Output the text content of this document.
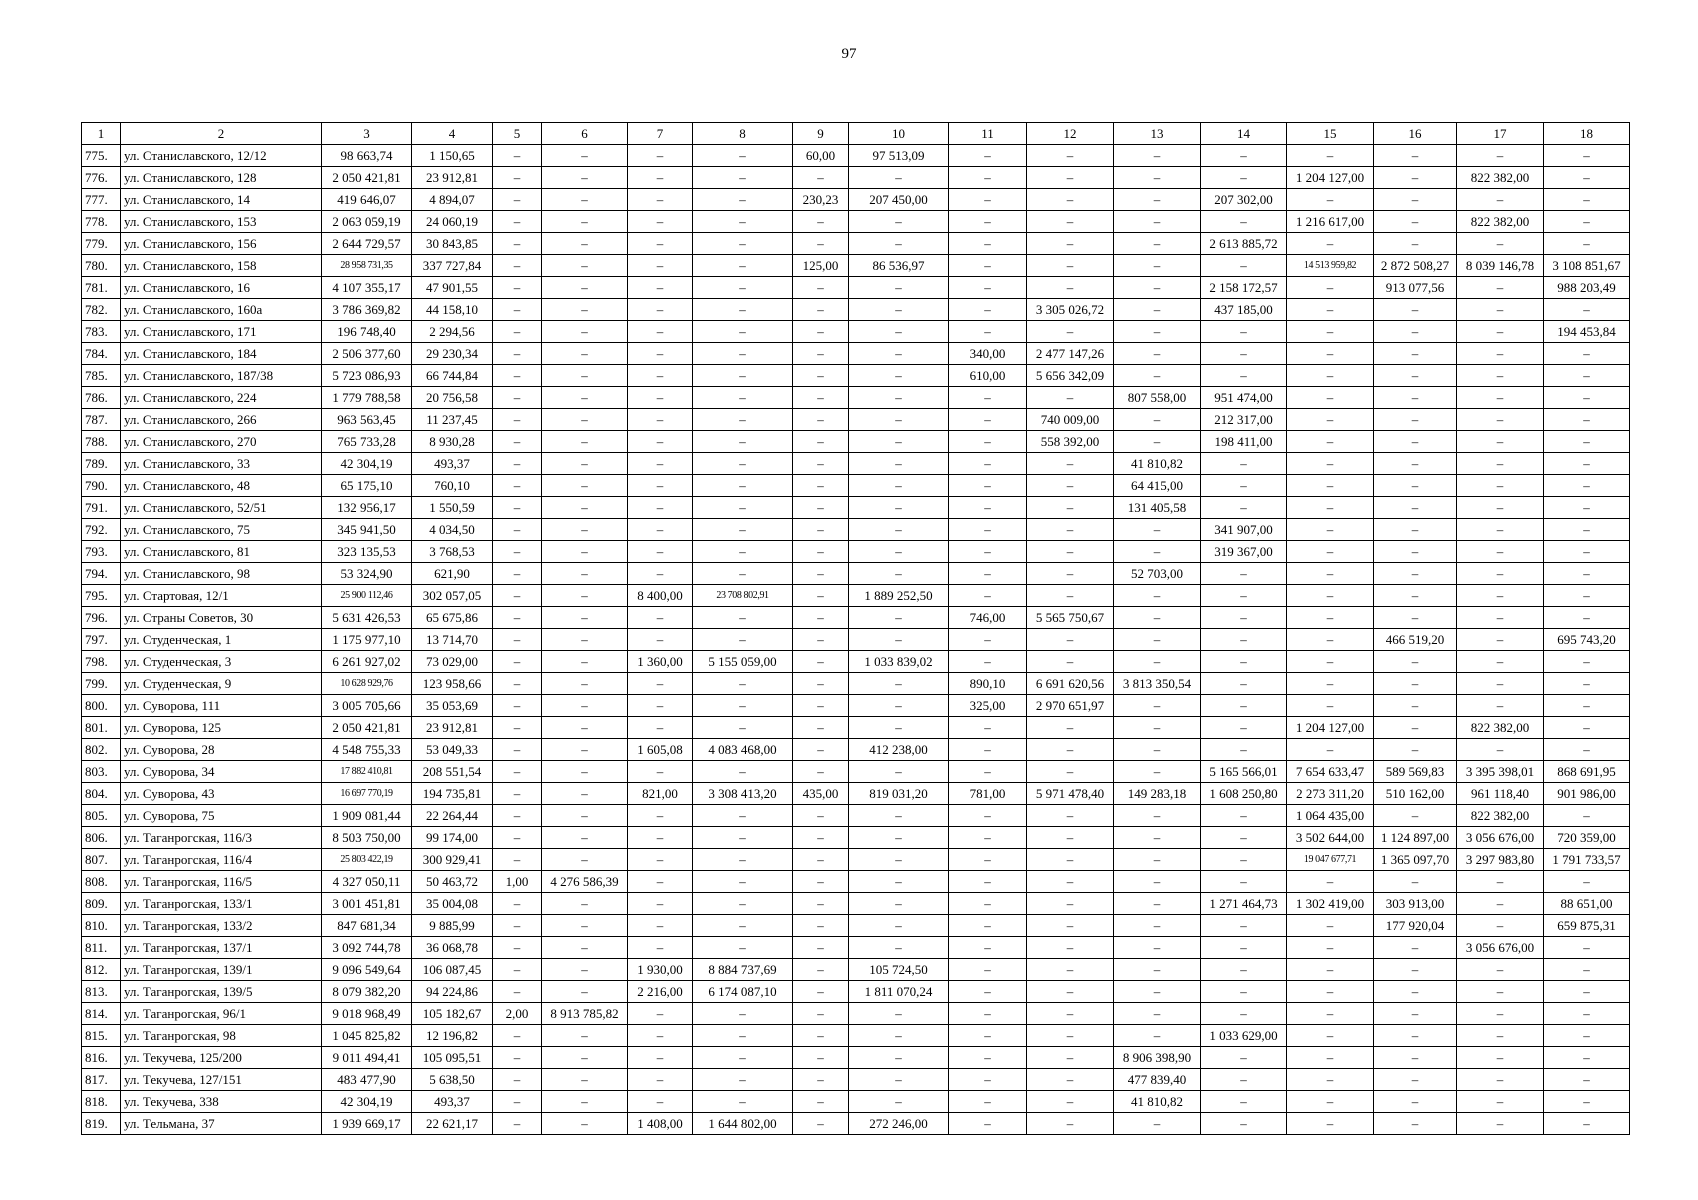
97
1	2	3	4	5	6	7	8	9	10	11	12	13	14	15	16	17	18
775.	ул. Станиславского, 12/12	98 663,74	1 150,65	–	–	–	–	60,00	97 513,09	–	–	–	–	–	–	–	–
776.	ул. Станиславского, 128	2 050 421,81	23 912,81	–	–	–	–	–	–	–	–	–	–	1 204 127,00	–	822 382,00	–
777.	ул. Станиславского, 14	419 646,07	4 894,07	–	–	–	–	230,23	207 450,00	–	–	–	207 302,00	–	–	–	–
778.	ул. Станиславского, 153	2 063 059,19	24 060,19	–	–	–	–	–	–	–	–	–	–	1 216 617,00	–	822 382,00	–
779.	ул. Станиславского, 156	2 644 729,57	30 843,85	–	–	–	–	–	–	–	–	–	2 613 885,72	–	–	–	–
780.	ул. Станиславского, 158	28 958 731,35	337 727,84	–	–	–	–	125,00	86 536,97	–	–	–	–	14 513 959,82	2 872 508,27	8 039 146,78	3 108 851,67
781.	ул. Станиславского, 16	4 107 355,17	47 901,55	–	–	–	–	–	–	–	–	–	2 158 172,57	–	913 077,56	–	988 203,49
782.	ул. Станиславского, 160а	3 786 369,82	44 158,10	–	–	–	–	–	–	–	3 305 026,72	–	437 185,00	–	–	–	–
783.	ул. Станиславского, 171	196 748,40	2 294,56	–	–	–	–	–	–	–	–	–	–	–	–	–	194 453,84
784.	ул. Станиславского, 184	2 506 377,60	29 230,34	–	–	–	–	–	–	340,00	2 477 147,26	–	–	–	–	–	–
785.	ул. Станиславского, 187/38	5 723 086,93	66 744,84	–	–	–	–	–	–	610,00	5 656 342,09	–	–	–	–	–	–
786.	ул. Станиславского, 224	1 779 788,58	20 756,58	–	–	–	–	–	–	–	–	807 558,00	951 474,00	–	–	–	–
787.	ул. Станиславского, 266	963 563,45	11 237,45	–	–	–	–	–	–	–	740 009,00	–	212 317,00	–	–	–	–
788.	ул. Станиславского, 270	765 733,28	8 930,28	–	–	–	–	–	–	–	558 392,00	–	198 411,00	–	–	–	–
789.	ул. Станиславского, 33	42 304,19	493,37	–	–	–	–	–	–	–	–	41 810,82	–	–	–	–	–
790.	ул. Станиславского, 48	65 175,10	760,10	–	–	–	–	–	–	–	–	64 415,00	–	–	–	–	–
791.	ул. Станиславского, 52/51	132 956,17	1 550,59	–	–	–	–	–	–	–	–	131 405,58	–	–	–	–	–
792.	ул. Станиславского, 75	345 941,50	4 034,50	–	–	–	–	–	–	–	–	–	341 907,00	–	–	–	–
793.	ул. Станиславского, 81	323 135,53	3 768,53	–	–	–	–	–	–	–	–	–	319 367,00	–	–	–	–
794.	ул. Станиславского, 98	53 324,90	621,90	–	–	–	–	–	–	–	–	52 703,00	–	–	–	–	–
795.	ул. Стартовая, 12/1	25 900 112,46	302 057,05	–	–	8 400,00	23 708 802,91	–	1 889 252,50	–	–	–	–	–	–	–	–
796.	ул. Страны Советов, 30	5 631 426,53	65 675,86	–	–	–	–	–	–	746,00	5 565 750,67	–	–	–	–	–	–
797.	ул. Студенческая, 1	1 175 977,10	13 714,70	–	–	–	–	–	–	–	–	–	–	–	466 519,20	–	695 743,20
798.	ул. Студенческая, 3	6 261 927,02	73 029,00	–	–	1 360,00	5 155 059,00	–	1 033 839,02	–	–	–	–	–	–	–	–
799.	ул. Студенческая, 9	10 628 929,76	123 958,66	–	–	–	–	–	–	890,10	6 691 620,56	3 813 350,54	–	–	–	–	–
800.	ул. Суворова, 111	3 005 705,66	35 053,69	–	–	–	–	–	–	325,00	2 970 651,97	–	–	–	–	–	–
801.	ул. Суворова, 125	2 050 421,81	23 912,81	–	–	–	–	–	–	–	–	–	–	1 204 127,00	–	822 382,00	–
802.	ул. Суворова, 28	4 548 755,33	53 049,33	–	–	1 605,08	4 083 468,00	–	412 238,00	–	–	–	–	–	–	–	–
803.	ул. Суворова, 34	17 882 410,81	208 551,54	–	–	–	–	–	–	–	–	–	5 165 566,01	7 654 633,47	589 569,83	3 395 398,01	868 691,95
804.	ул. Суворова, 43	16 697 770,19	194 735,81	–	–	821,00	3 308 413,20	435,00	819 031,20	781,00	5 971 478,40	149 283,18	1 608 250,80	2 273 311,20	510 162,00	961 118,40	901 986,00
805.	ул. Суворова, 75	1 909 081,44	22 264,44	–	–	–	–	–	–	–	–	–	–	1 064 435,00	–	822 382,00	–
806.	ул. Таганрогская, 116/3	8 503 750,00	99 174,00	–	–	–	–	–	–	–	–	–	–	3 502 644,00	1 124 897,00	3 056 676,00	720 359,00
807.	ул. Таганрогская, 116/4	25 803 422,19	300 929,41	–	–	–	–	–	–	–	–	–	–	19 047 677,71	1 365 097,70	3 297 983,80	1 791 733,57
808.	ул. Таганрогская, 116/5	4 327 050,11	50 463,72	1,00	4 276 586,39	–	–	–	–	–	–	–	–	–	–	–	–
809.	ул. Таганрогская, 133/1	3 001 451,81	35 004,08	–	–	–	–	–	–	–	–	–	1 271 464,73	1 302 419,00	303 913,00	–	88 651,00
810.	ул. Таганрогская, 133/2	847 681,34	9 885,99	–	–	–	–	–	–	–	–	–	–	–	177 920,04	–	659 875,31
811.	ул. Таганрогская, 137/1	3 092 744,78	36 068,78	–	–	–	–	–	–	–	–	–	–	–	–	3 056 676,00	–
812.	ул. Таганрогская, 139/1	9 096 549,64	106 087,45	–	–	1 930,00	8 884 737,69	–	105 724,50	–	–	–	–	–	–	–	–
813.	ул. Таганрогская, 139/5	8 079 382,20	94 224,86	–	–	2 216,00	6 174 087,10	–	1 811 070,24	–	–	–	–	–	–	–	–
814.	ул. Таганрогская, 96/1	9 018 968,49	105 182,67	2,00	8 913 785,82	–	–	–	–	–	–	–	–	–	–	–	–
815.	ул. Таганрогская, 98	1 045 825,82	12 196,82	–	–	–	–	–	–	–	–	–	1 033 629,00	–	–	–	–
816.	ул. Текучева, 125/200	9 011 494,41	105 095,51	–	–	–	–	–	–	–	–	8 906 398,90	–	–	–	–	–
817.	ул. Текучева, 127/151	483 477,90	5 638,50	–	–	–	–	–	–	–	–	477 839,40	–	–	–	–	–
818.	ул. Текучева, 338	42 304,19	493,37	–	–	–	–	–	–	–	–	41 810,82	–	–	–	–	–
819.	ул. Тельмана, 37	1 939 669,17	22 621,17	–	–	1 408,00	1 644 802,00	–	272 246,00	–	–	–	–	–	–	–	–
